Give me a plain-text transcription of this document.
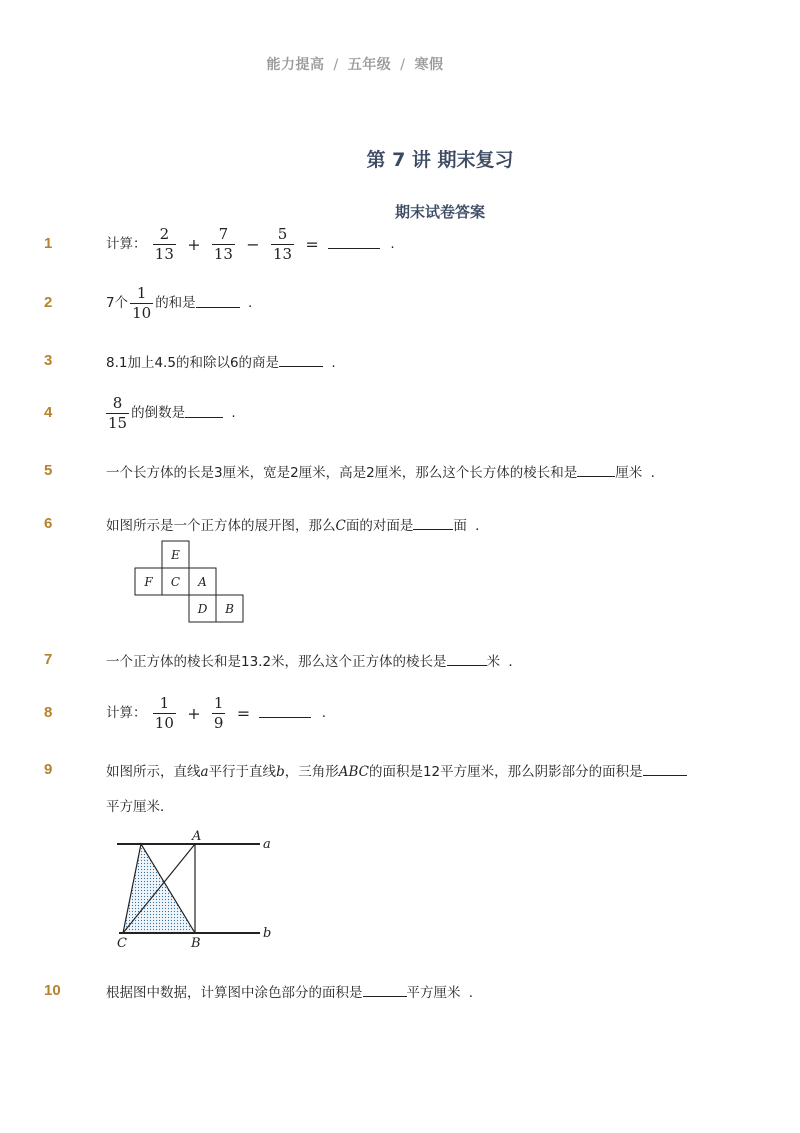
能力提高 / 五年级 / 寒假
第 7 讲 期末复习
期末试卷答案
1	计算： $\frac{2}{13} + \frac{7}{13} - \frac{5}{13}$ =	.
2	7个 $\frac{1}{10}$ 的和是	.
3	8.1加上4.5的和除以6的商是	.
4	$\frac{8}{15}$ 的倒数是	.
5	一个长方体的长是3厘米，宽是2厘米，高是2厘米，那么这个长方体的棱长和是	厘米 .
6	如图所示是一个正方体的展开图，那么C面的对面是	面 .
E
F C A
D B
7	一个正方体的棱长和是13.2米，那么这个正方体的棱长是	米 .
8	计算： $\frac{1}{10} + \frac{1}{9}$ =	.
9	如图所示，直线a平行于直线b，三角形ABC的面积是12平方厘米，那么阴影部分的面积是
平方厘米．
A
a
C	B
b
10	根据图中数据，计算图中涂色部分的面积是	平方厘米 .
